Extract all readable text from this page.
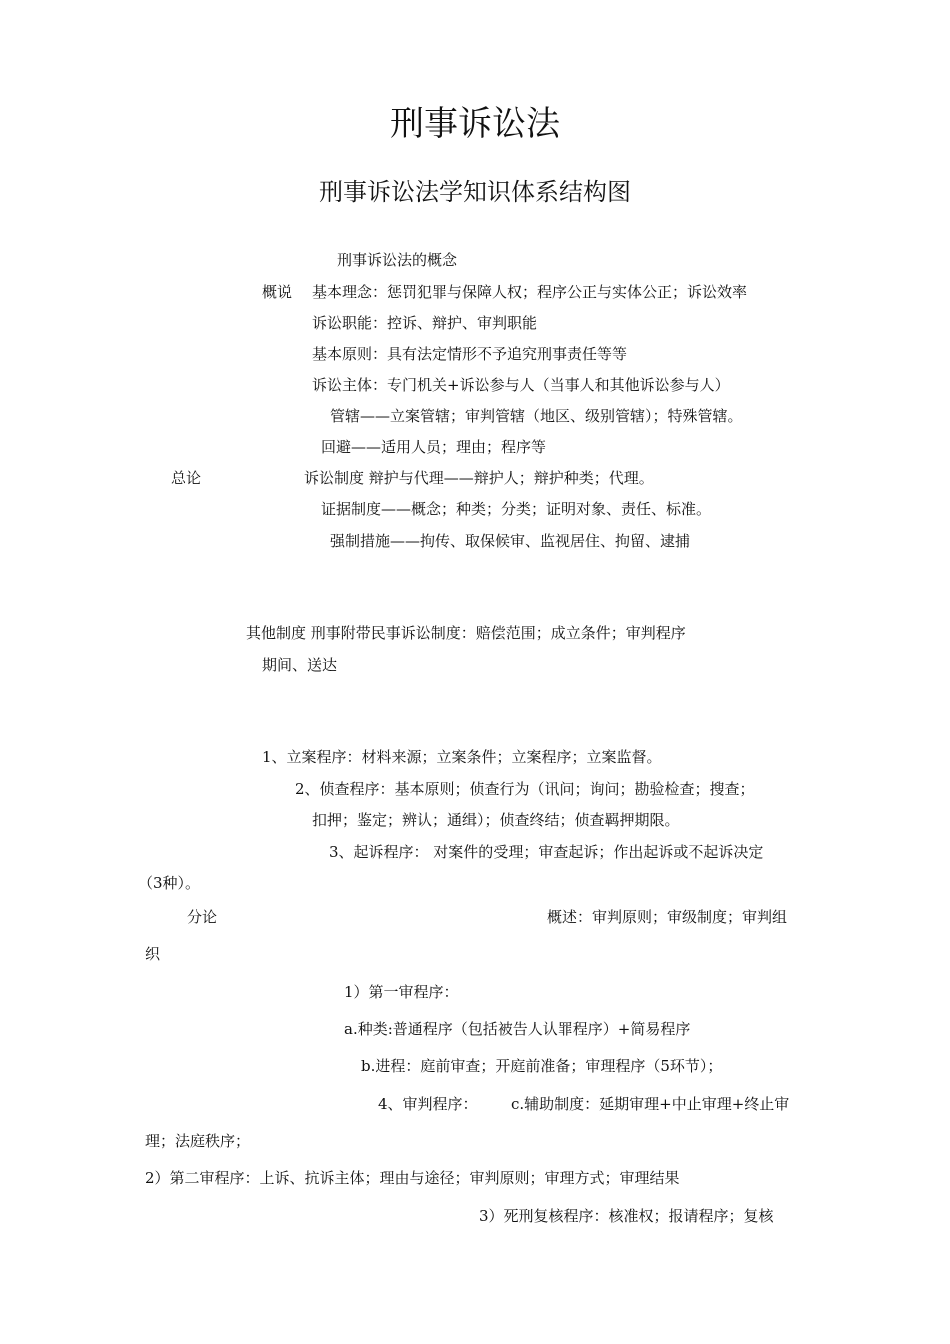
刑事诉讼法
刑事诉讼法学知识体系结构图
刑事诉讼法的概念
概说 基本理念：惩罚犯罪与保障人权；程序公正与实体公正；诉讼效率
诉讼职能：控诉、辩护、审判职能
基本原则：具有法定情形不予追究刑事责任等等
诉讼主体：专门机关+诉讼参与人（当事人和其他诉讼参与人）
管辖——立案管辖；审判管辖（地区、级别管辖）；特殊管辖。
回避——适用人员；理由；程序等
总论	诉讼制度 辩护与代理——辩护人；辩护种类；代理。
证据制度——概念；种类；分类；证明对象、责任、标准。
强制措施——拘传、取保候审、监视居住、拘留、逮捕
其他制度 刑事附带民事诉讼制度：赔偿范围；成立条件；审判程序
期间、送达
1、立案程序：材料来源；立案条件；立案程序；立案监督。
2、侦查程序：基本原则；侦查行为（讯问；询问；勘验检查；搜查；
扣押；鉴定；辨认；通缉）；侦查终结；侦查羁押期限。
3、起诉程序： 对案件的受理；审查起诉；作出起诉或不起诉决定
（3种）。
分论	概述：审判原则；审级制度；审判组
织
1）第一审程序：
a.种类:普通程序（包括被告人认罪程序）+简易程序
b.进程：庭前审查；开庭前准备；审理程序（5环节）；
4、审判程序： c.辅助制度：延期审理+中止审理+终止审
理；法庭秩序；
2）第二审程序：上诉、抗诉主体；理由与途径；审判原则；审理方式；审理结果
3）死刑复核程序：核准权；报请程序；复核
